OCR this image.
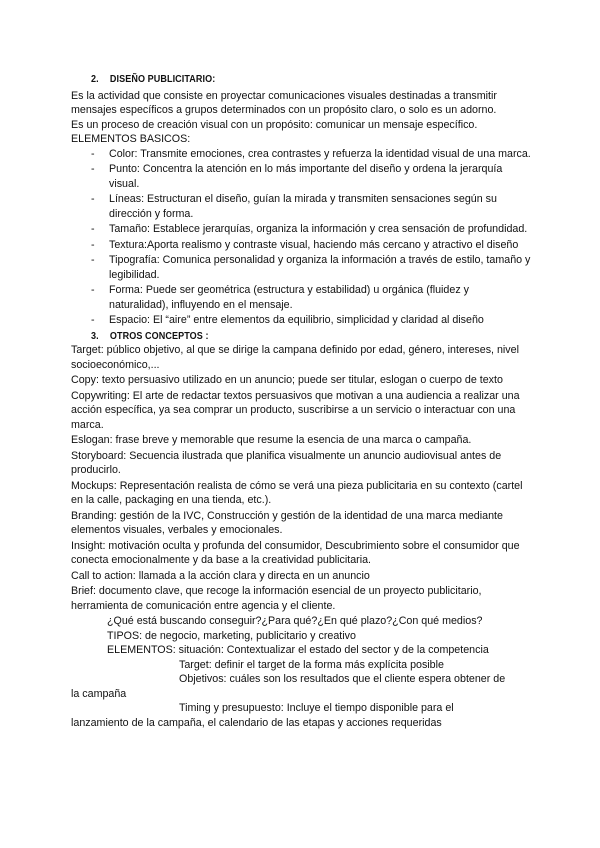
2. DISEÑO PUBLICITARIO:

Es la actividad que consiste en proyectar comunicaciones visuales destinadas a transmitir mensajes específicos a grupos determinados con un propósito claro, o solo es un adorno.

Es un proceso de creación visual con un propósito: comunicar un mensaje específico.

ELEMENTOS BASICOS:

- Color: Transmite emociones, crea contrastes y refuerza la identidad visual de una marca.
- Punto: Concentra la atención en lo más importante del diseño y ordena la jerarquía visual.
- Líneas: Estructuran el diseño, guían la mirada y transmiten sensaciones según su dirección y forma.
- Tamaño: Establece jerarquías, organiza la información y crea sensación de profundidad.
- Textura:Aporta realismo y contraste visual, haciendo más cercano y atractivo el diseño
- Tipografía: Comunica personalidad y organiza la información a través de estilo, tamaño y legibilidad.
- Forma: Puede ser geométrica (estructura y estabilidad) u orgánica (fluidez y naturalidad), influyendo en el mensaje.
- Espacio: El “aire” entre elementos da equilibrio, simplicidad y claridad al diseño
3. OTROS CONCEPTOS :

Target: público objetivo, al que se dirige la campana definido por edad, género, intereses, nivel socioeconómico,...

Copy: texto persuasivo utilizado en un anuncio; puede ser titular, eslogan o cuerpo de texto

Copywriting: El arte de redactar textos persuasivos que motivan a una audiencia a realizar una acción específica, ya sea comprar un producto, suscribirse a un servicio o interactuar con una marca.

Eslogan: frase breve y memorable que resume la esencia de una marca o campaña.

Storyboard: Secuencia ilustrada que planifica visualmente un anuncio audiovisual antes de producirlo.

Mockups: Representación realista de cómo se verá una pieza publicitaria en su contexto (cartel en la calle, packaging en una tienda, etc.).

Branding: gestión de la IVC, Construcción y gestión de la identidad de una marca mediante elementos visuales, verbales y emocionales.

Insight: motivación oculta y profunda del consumidor, Descubrimiento sobre el consumidor que conecta emocionalmente y da base a la creatividad publicitaria.

Call to action: llamada a la acción clara y directa en un anuncio

Brief: documento clave, que recoge la información esencial de un proyecto publicitario, herramienta de comunicación entre agencia y el cliente.

¿Qué está buscando conseguir?¿Para qué?¿En qué plazo?¿Con qué medios?

TIPOS: de negocio, marketing, publicitario y creativo

ELEMENTOS: situación: Contextualizar el estado del sector y de la competencia

Target: definir el target de la forma más explícita posible

Objetivos: cuáles son los resultados que el cliente espera obtener de

la campaña

Timing y presupuesto: Incluye el tiempo disponible para el

lanzamiento de la campaña, el calendario de las etapas y acciones requeridas
